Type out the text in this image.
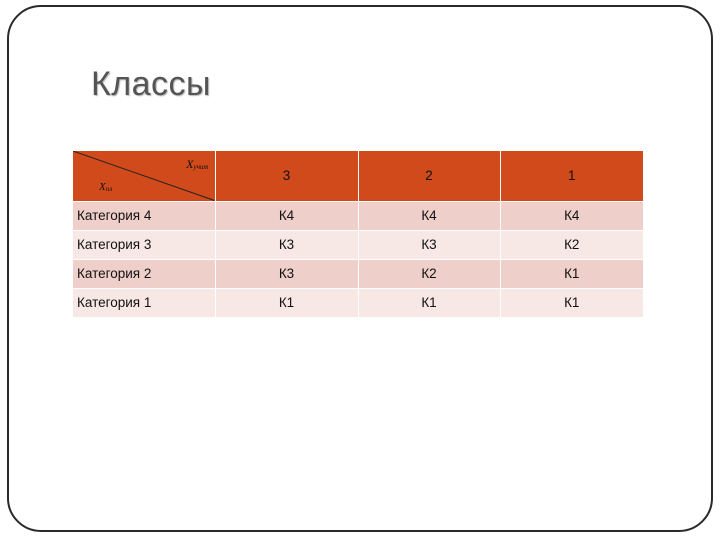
Классы
Xучит
Xпл	3	2	1
Категория 4	К4	К4	К4
Категория 3	К3	К3	К2
Категория 2	К3	К2	К1
Категория 1	К1	К1	К1
